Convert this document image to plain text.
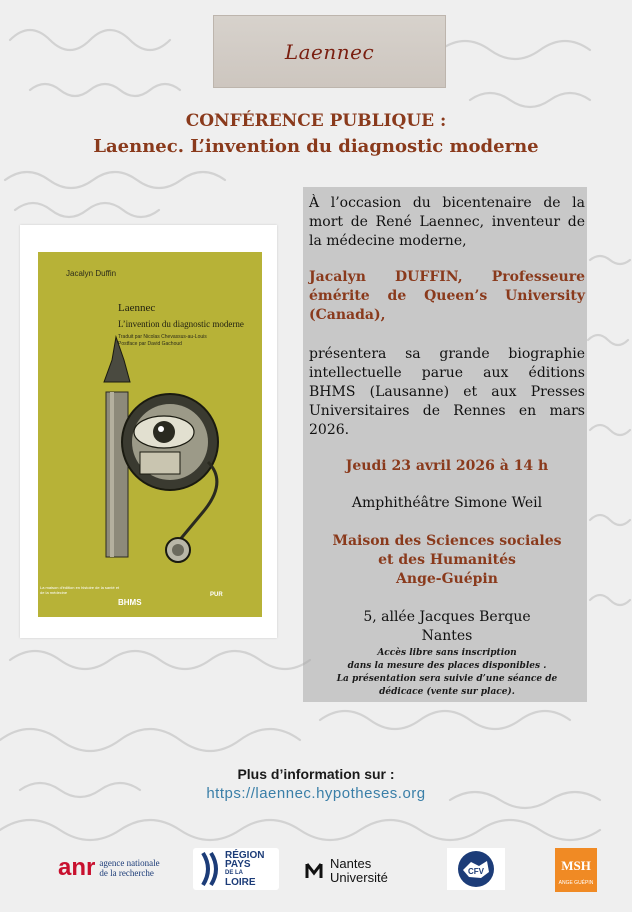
Laennec
CONFÉRENCE PUBLIQUE :
Laennec. L’invention du diagnostic moderne
Jacalyn Duffin
Laennec
L’invention du diagnostic moderne
Traduit par Nicolas Chevassus-au-Louis
Postface par David Gachoud
La maison d’édition en histoire de la santé et de la médecine
BHMS
PUR
À l’occasion du bicentenaire de la mort de René Laennec, inventeur de la médecine moderne,
Jacalyn DUFFIN, Professeure émérite de Queen’s University (Canada),
présentera sa grande biographie intellectuelle parue aux éditions BHMS (Lausanne) et aux Presses Universitaires de Rennes en mars 2026.
Jeudi 23 avril 2026 à 14 h
Amphithéâtre Simone Weil
Maison des Sciences sociales
et des Humanités
Ange-Guépin
5, allée Jacques Berque
Nantes
Accès libre sans inscription
dans la mesure des places disponibles .
La présentation sera suivie d’une séance de
dédicace (vente sur place).
Plus d’information sur :
https://laennec.hypotheses.org
anr agence nationale
de la recherche
RÉGION
PAYS
DE LA
LOIRE
Nantes
Université	CFV	MSH
ANGE GUÉPIN
